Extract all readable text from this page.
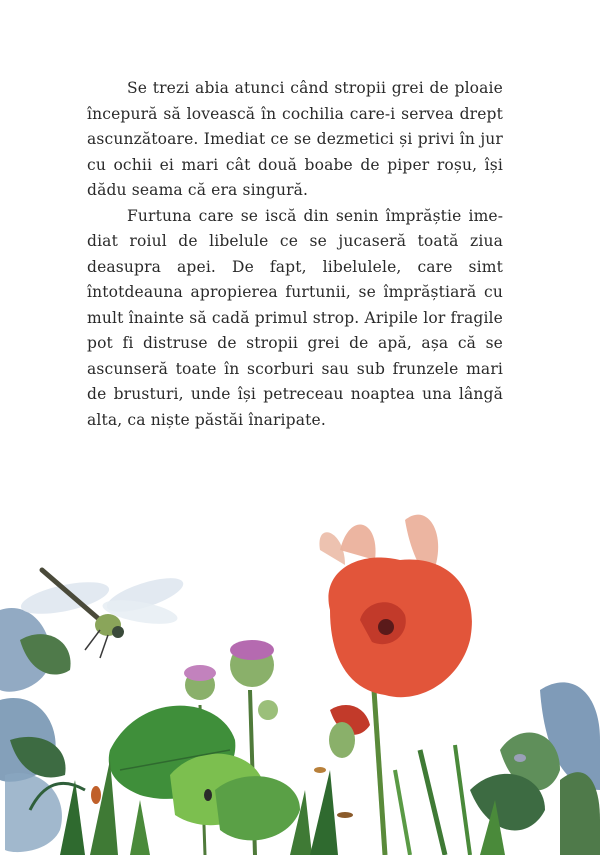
Se trezi abia atunci când stropii grei de ploaie începură să lovească în cochilia care-i servea drept ascunzătoare. Imediat ce se dezmetici și privi în jur cu ochii ei mari cât două boabe de piper roșu, își dădu seama că era singură.

Furtuna care se iscă din senin împrăștie imediat roiul de libelule ce se jucaseră toată ziua deasupra apei. De fapt, libelulele, care simt întotdeauna apropierea furtunii, se împrăștiară cu mult înainte să cadă primul strop. Aripile lor fragile pot fi distruse de stropii grei de apă, așa că se ascunseră toate în scorburi sau sub frunzele mari de brusturi, unde își petreceau noaptea una lângă alta, ca niște păstăi înaripate.
